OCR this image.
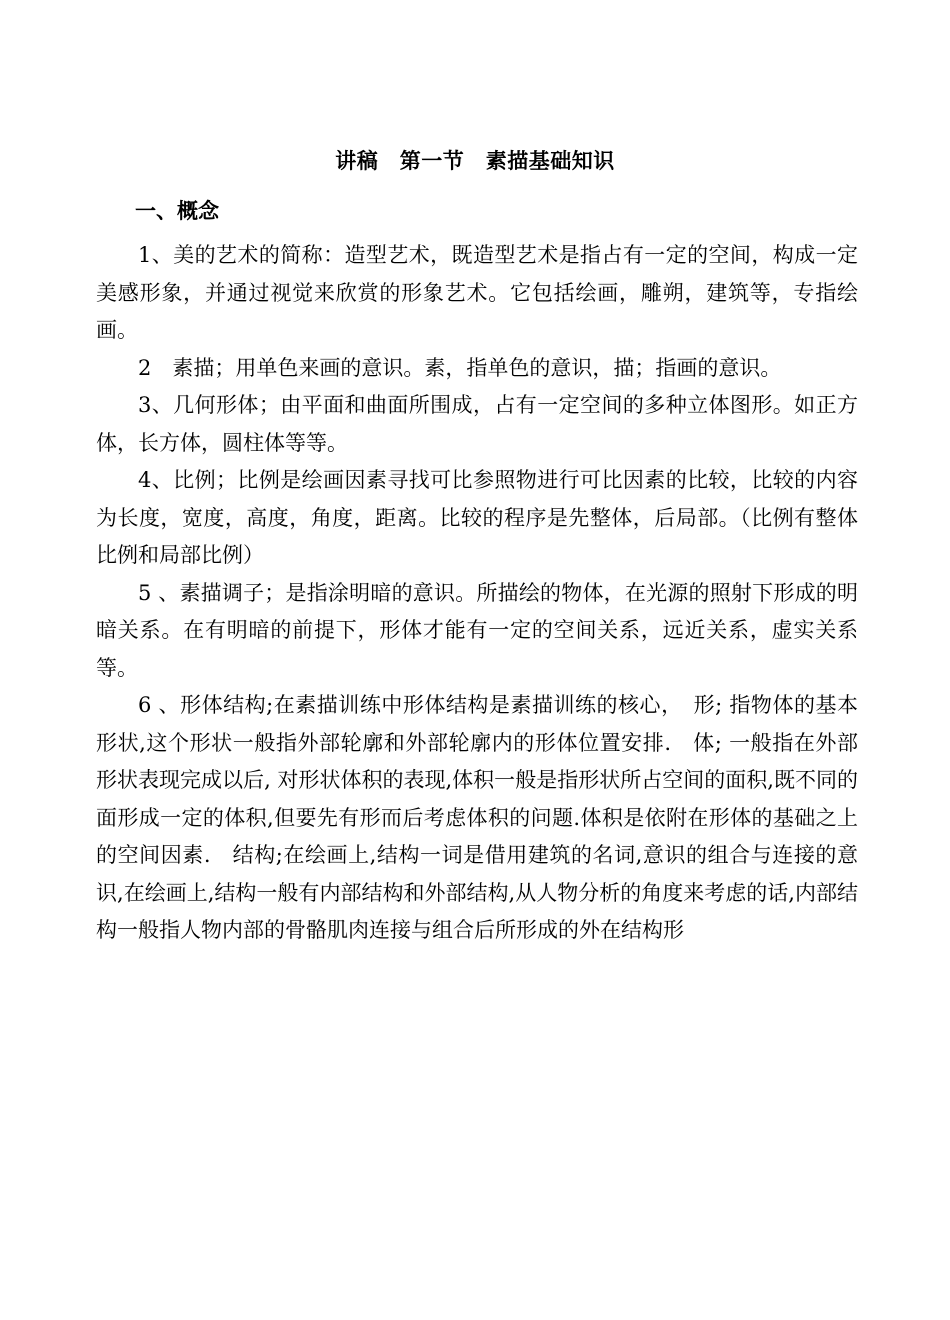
讲稿　第一节　素描基础知识
一、概念

1、美的艺术的简称：造型艺术，既造型艺术是指占有一定的空间，构成一定美感形象，并通过视觉来欣赏的形象艺术。它包括绘画，雕朔，建筑等，专指绘画。

2　素描；用单色来画的意识。素，指单色的意识，描；指画的意识。

3、几何形体；由平面和曲面所围成，占有一定空间的多种立体图形。如正方体，长方体，圆柱体等等。

4、比例；比例是绘画因素寻找可比参照物进行可比因素的比较，比较的内容为长度，宽度，高度，角度，距离。比较的程序是先整体，后局部。（比例有整体比例和局部比例）

5 、素描调子；是指涂明暗的意识。所描绘的物体，在光源的照射下形成的明暗关系。在有明暗的前提下，形体才能有一定的空间关系，远近关系，虚实关系等。

6 、形体结构;在素描训练中形体结构是素描训练的核心，　形; 指物体的基本形状,这个形状一般指外部轮廓和外部轮廓内的形体位置安排.　体; 一般指在外部形状表现完成以后, 对形状体积的表现,体积一般是指形状所占空间的面积,既不同的面形成一定的体积,但要先有形而后考虑体积的问题.体积是依附在形体的基础之上的空间因素.　结构;在绘画上,结构一词是借用建筑的名词,意识的组合与连接的意识,在绘画上,结构一般有内部结构和外部结构,从人物分析的角度来考虑的话,内部结构一般指人物内部的骨骼肌肉连接与组合后所形成的外在结构形
